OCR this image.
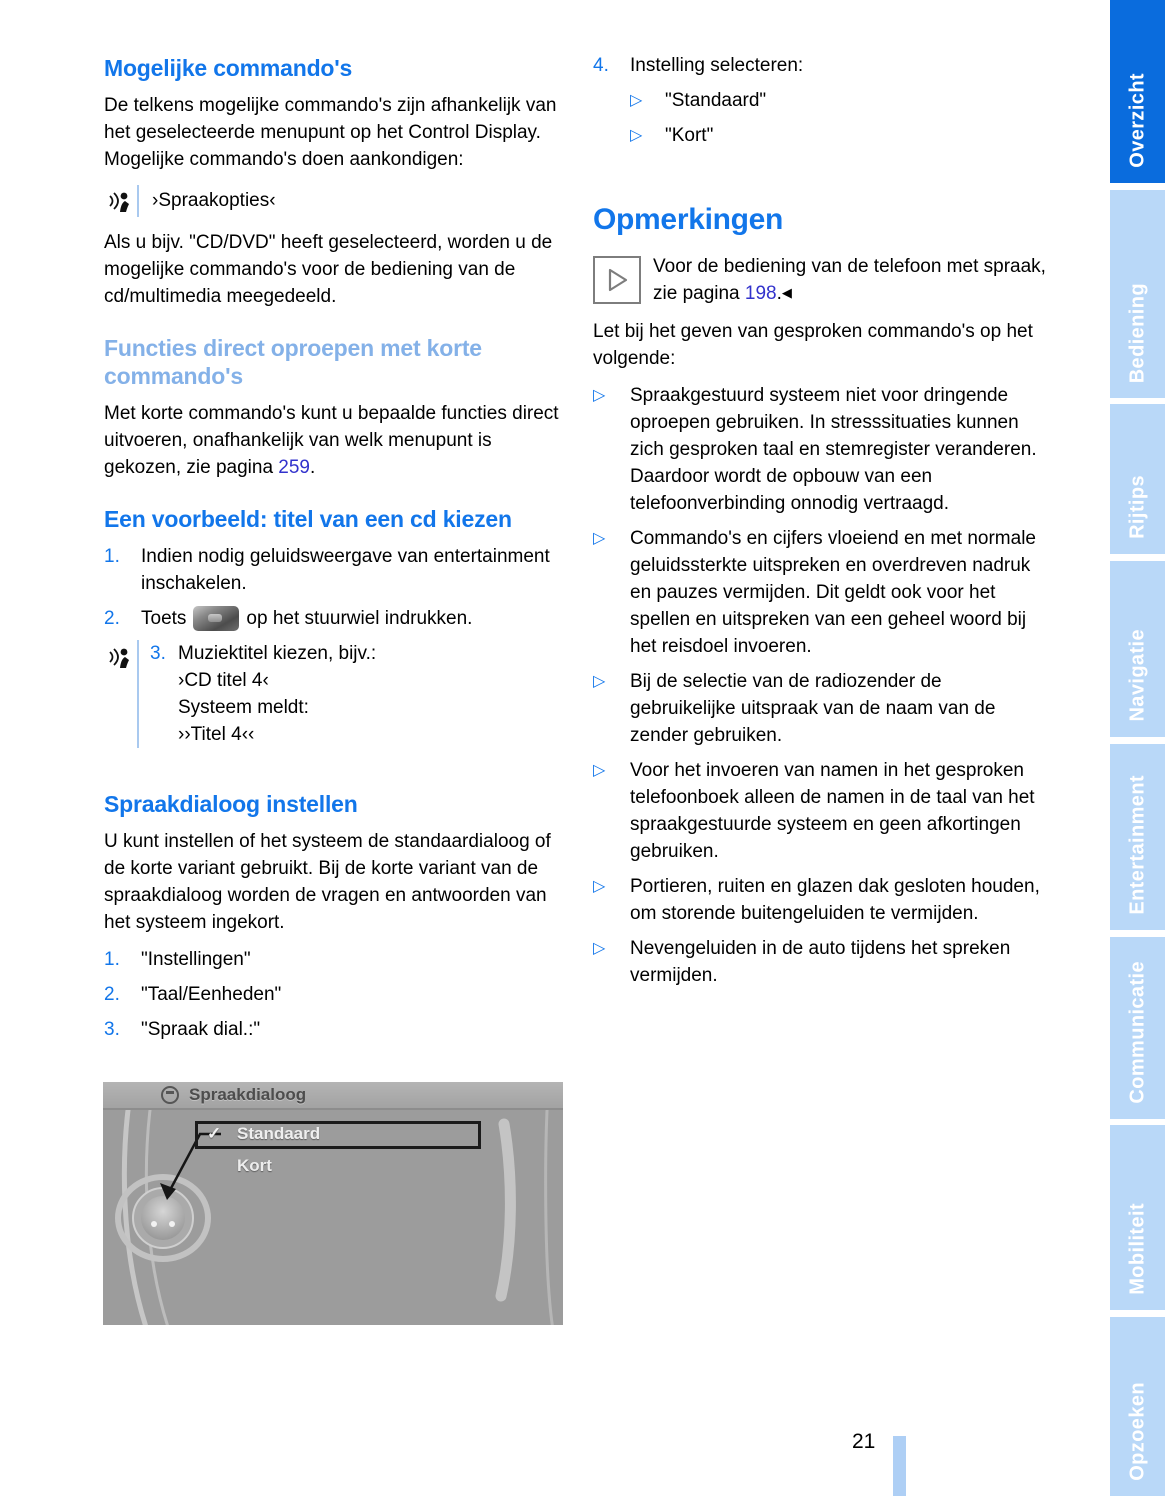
Mogelijke commando's

De telkens mogelijke commando's zijn afhankelijk van het geselecteerde menupunt op het Control Display.

Mogelijke commando's doen aankondigen:

›Spraakopties‹

Als u bijv. "CD/DVD" heeft geselecteerd, worden u de mogelijke commando's voor de bediening van de cd/multimedia meegedeeld.

Functies direct oproepen met korte commando's

Met korte commando's kunt u bepaalde functies direct uitvoeren, onafhankelijk van welk menupunt is gekozen, zie pagina 259.

Een voorbeeld: titel van een cd kiezen
1.	Indien nodig geluidsweergave van entertainment inschakelen.
2.	Toets	op het stuurwiel indrukken.
3. Muziektitel kiezen, bijv.:
›CD titel 4‹
Systeem meldt:
››Titel 4‹‹
Spraakdialoog instellen

U kunt instellen of het systeem de standaardialoog of de korte variant gebruikt. Bij de korte variant van de spraakdialoog worden de vragen en antwoorden van het systeem ingekort.

1.	"Instellingen"
2.	"Taal/Eenheden"
3.	"Spraak dial.:"
Spraakdialoog
✓ Standaard
Kort
4.	Instelling selecteren:
▷	"Standaard"
▷	"Kort"
Opmerkingen
Voor de bediening van de telefoon met spraak, zie pagina 198.◀

Let bij het geven van gesproken commando's op het volgende:

▷	Spraakgestuurd systeem niet voor dringende oproepen gebruiken. In stresssituaties kunnen zich gesproken taal en stemregister veranderen. Daardoor wordt de opbouw van een telefoonverbinding onnodig vertraagd.
▷	Commando's en cijfers vloeiend en met normale geluidssterkte uitspreken en overdreven nadruk en pauzes vermijden. Dit geldt ook voor het spellen en uitspreken van een geheel woord bij het reisdoel invoeren.
▷	Bij de selectie van de radiozender de gebruikelijke uitspraak van de naam van de zender gebruiken.
▷	Voor het invoeren van namen in het gesproken telefoonboek alleen de namen in de taal van het spraakgestuurde systeem en geen afkortingen gebruiken.
▷	Portieren, ruiten en glazen dak gesloten houden, om storende buitengeluiden te vermijden.
▷	Nevengeluiden in de auto tijdens het spreken vermijden.
Overzicht
Bediening
Rijtips
Navigatie
Entertainment
Communicatie
Mobiliteit
Opzoeken
21
